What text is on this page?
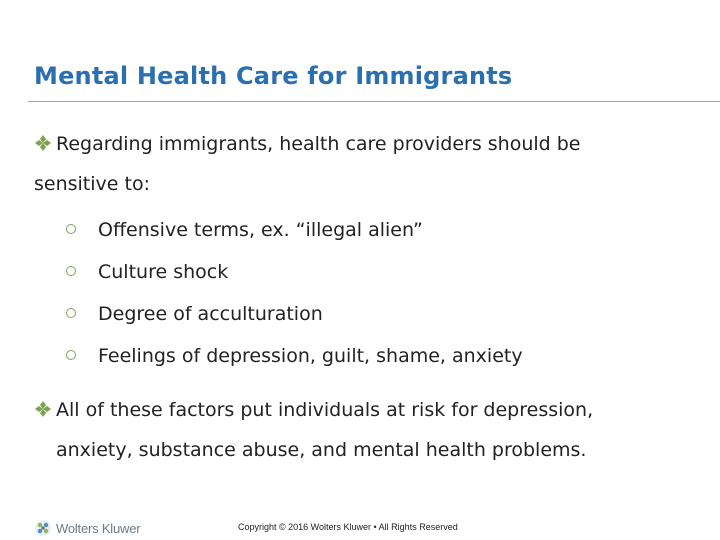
Mental Health Care for Immigrants
Regarding immigrants, health care providers should be
sensitive to:
Offensive terms, ex. “illegal alien”
Culture shock
Degree of acculturation
Feelings of depression, guilt, shame, anxiety
All of these factors put individuals at risk for depression,
anxiety, substance abuse, and mental health problems.
Wolters Kluwer	Copyright © 2016 Wolters Kluwer • All Rights Reserved
